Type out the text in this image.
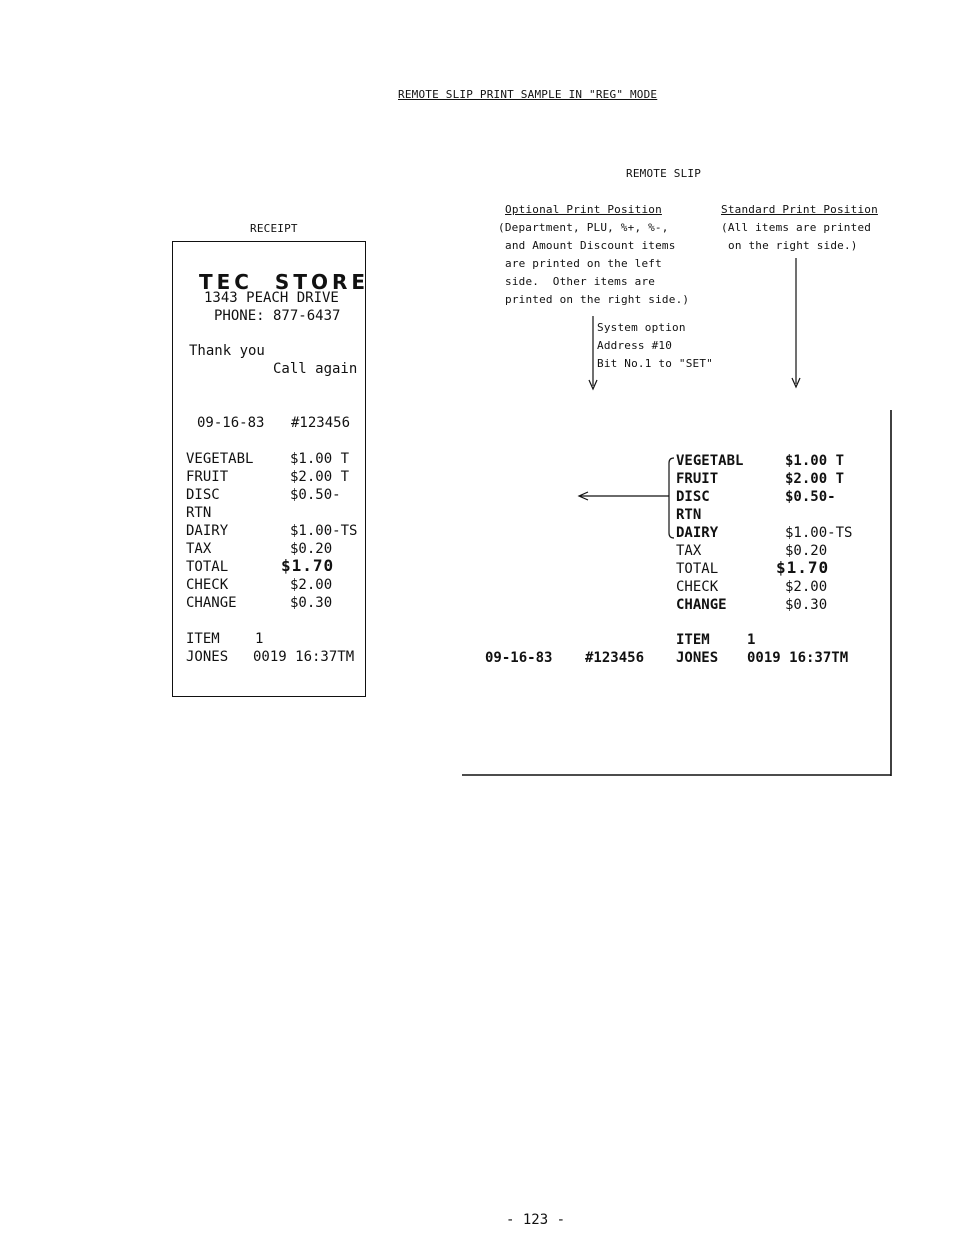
REMOTE SLIP PRINT SAMPLE IN "REG" MODE
RECEIPT
TEC  STORE
1343 PEACH DRIVE
PHONE: 877-6437
Thank you
Call again
09-16-83 #123456
VEGETABL	$1.00 T
FRUIT	$2.00 T
DISC	$0.50-
RTN
DAIRY	$1.00-TS
TAX	$0.20
TOTAL	$1.70
CHECK	$2.00
CHANGE	$0.30
ITEM	1
JONES 0019 16:37TM
REMOTE SLIP
Optional Print Position
(Department, PLU, %+, %-,
and Amount Discount items
are printed on the left
side.  Other items are
printed on the right side.)
Standard Print Position
(All items are printed
on the right side.)
System option
Address #10
Bit No.1 to "SET"
VEGETABL	$1.00 T
FRUIT	$2.00 T
DISC	$0.50-
RTN
DAIRY	$1.00-TS
TAX	$0.20
TOTAL	$1.70
CHECK	$2.00
CHANGE	$0.30
ITEM	1
09-16-83 #123456 JONES 0019 16:37TM
- 123 -
